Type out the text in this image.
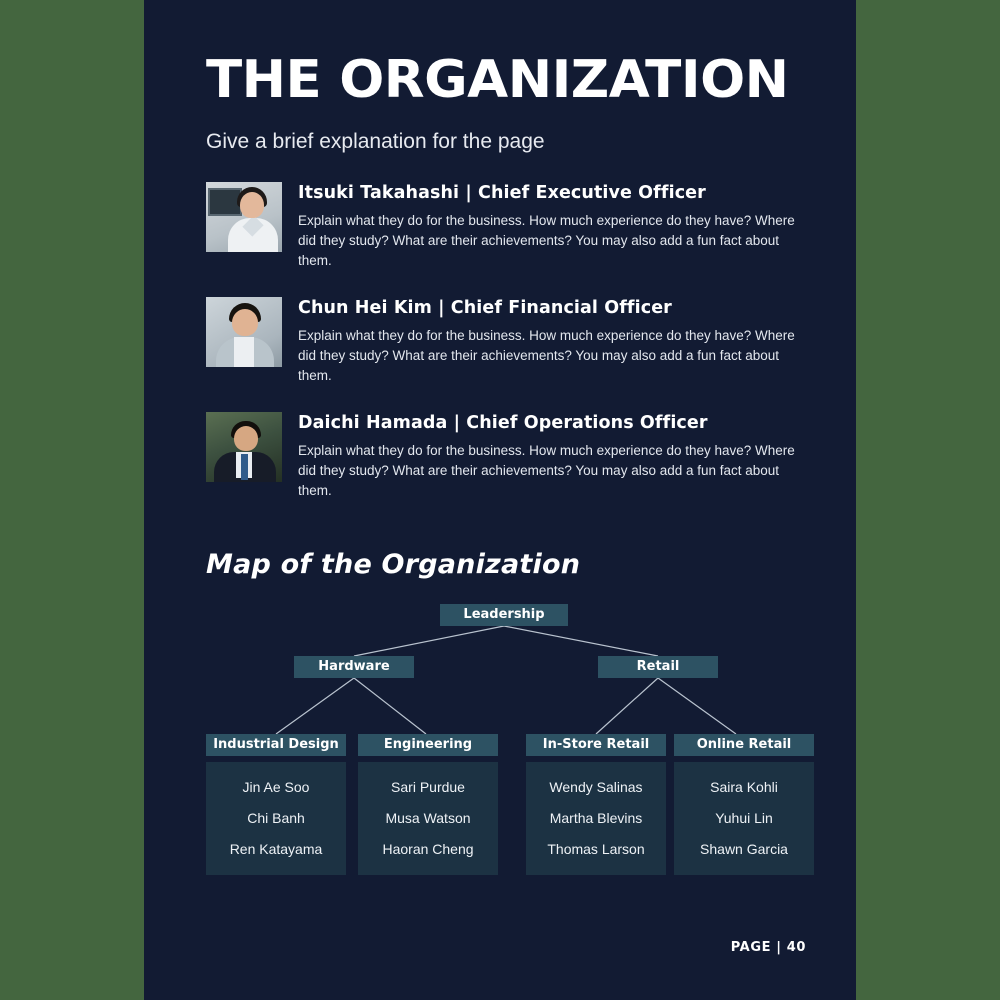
THE ORGANIZATION
Give a brief explanation for the page
Itsuki Takahashi | Chief Executive Officer

Explain what they do for the business. How much experience do they have? Where did they study? What are their achievements? You may also add a fun fact about them.

Chun Hei Kim | Chief Financial Officer

Explain what they do for the business. How much experience do they have? Where did they study? What are their achievements? You may also add a fun fact about them.

Daichi Hamada | Chief Operations Officer

Explain what they do for the business. How much experience do they have? Where did they study? What are their achievements? You may also add a fun fact about them.

Map of the Organization
Leadership
Hardware	Retail
Industrial Design	Engineering	In-Store Retail	Online Retail
Jin Ae Soo
Chi Banh
Ren Katayama
Sari Purdue
Musa Watson
Haoran Cheng
Wendy Salinas
Martha Blevins
Thomas Larson
Saira Kohli
Yuhui Lin
Shawn Garcia
PAGE | 40
